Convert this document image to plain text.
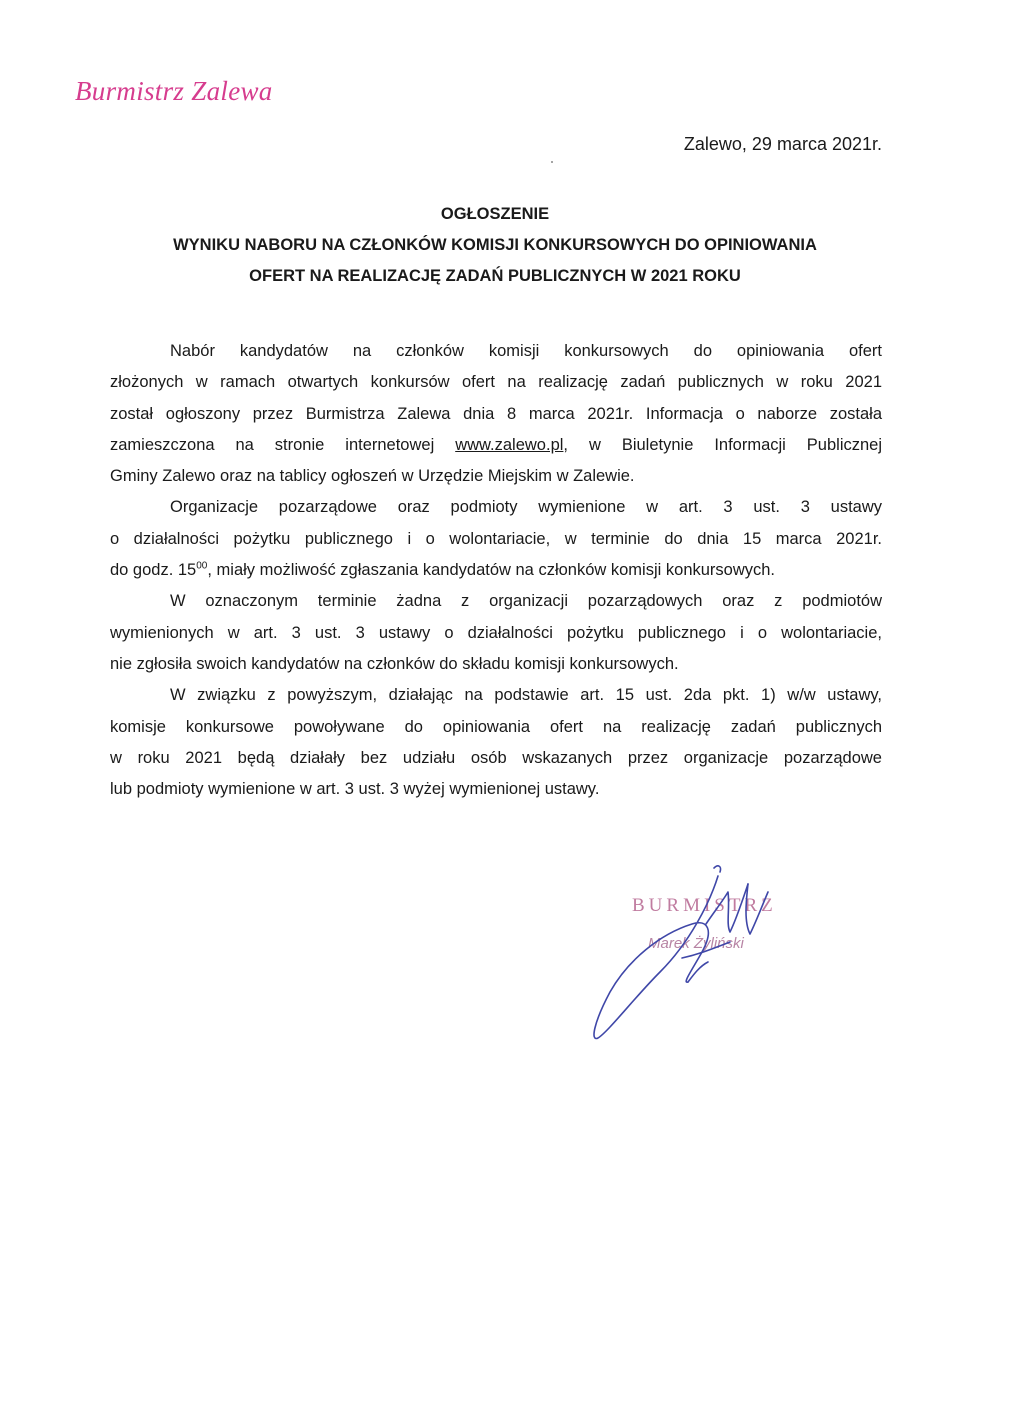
Burmistrz Zalewa
Zalewo, 29 marca 2021r.
OGŁOSZENIE
WYNIKU NABORU NA CZŁONKÓW KOMISJI KONKURSOWYCH DO OPINIOWANIA
OFERT NA REALIZACJĘ ZADAŃ PUBLICZNYCH W 2021 ROKU
Nabór kandydatów na członków komisji konkursowych do opiniowania ofert
złożonych w ramach otwartych konkursów ofert na realizację zadań publicznych w roku 2021
został ogłoszony przez Burmistrza Zalewa dnia 8 marca 2021r. Informacja o naborze została
zamieszczona na stronie internetowej www.zalewo.pl, w Biuletynie Informacji Publicznej
Gminy Zalewo oraz na tablicy ogłoszeń w Urzędzie Miejskim w Zalewie.
Organizacje pozarządowe oraz podmioty wymienione w art. 3 ust. 3 ustawy
o działalności pożytku publicznego i o wolontariacie, w terminie do dnia 15 marca 2021r.
do godz. $15^{00}$, miały możliwość zgłaszania kandydatów na członków komisji konkursowych.
W oznaczonym terminie żadna z organizacji pozarządowych oraz z podmiotów
wymienionych w art. 3 ust. 3 ustawy o działalności pożytku publicznego i o wolontariacie,
nie zgłosiła swoich kandydatów na członków do składu komisji konkursowych.
W związku z powyższym, działając na podstawie art. 15 ust. 2da pkt. 1) w/w ustawy,
komisje konkursowe powoływane do opiniowania ofert na realizację zadań publicznych
w roku 2021 będą działały bez udziału osób wskazanych przez organizacje pozarządowe
lub podmioty wymienione w art. 3 ust. 3 wyżej wymienionej ustawy.
BURMISTRZ
Marek Żyliński
